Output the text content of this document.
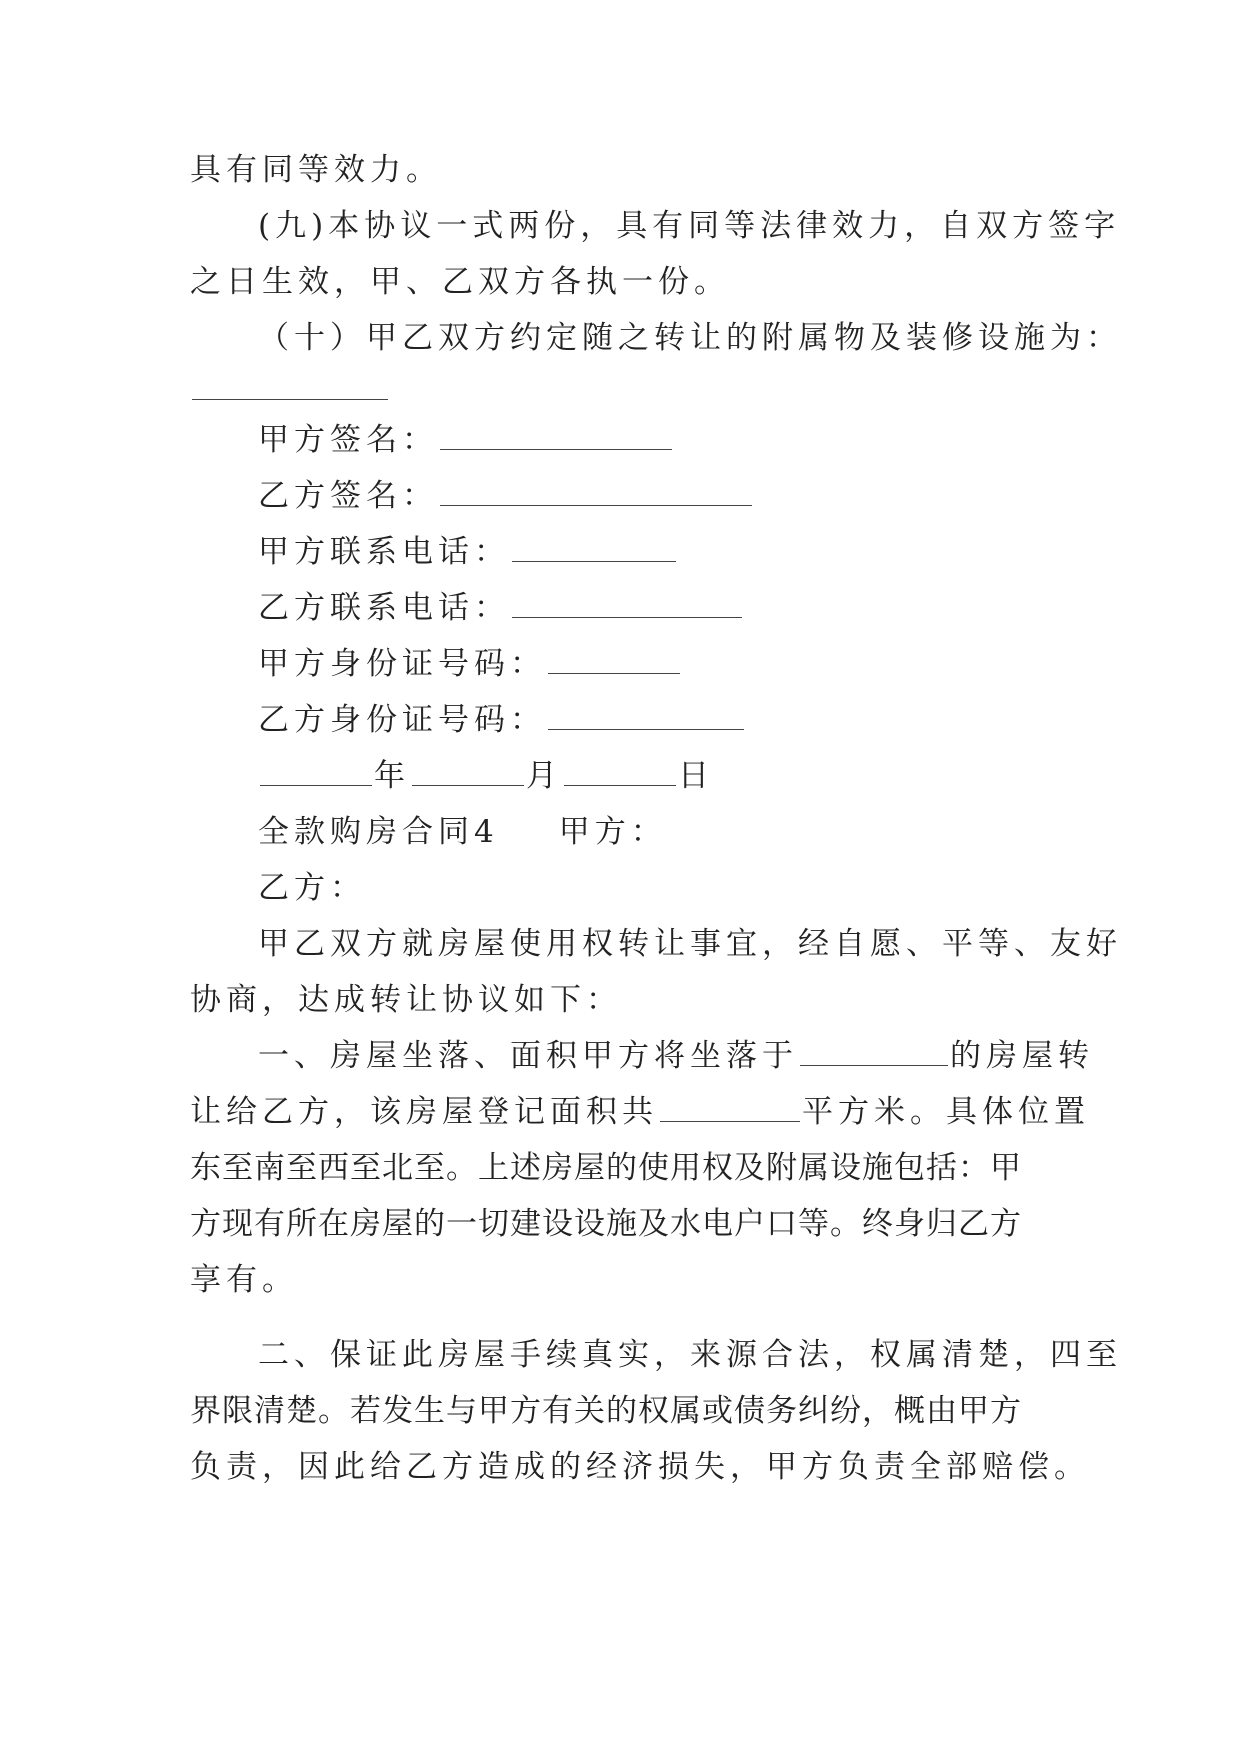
具有同等效力。
(九)本协议一式两份，具有同等法律效力，自双方签字
之日生效，甲、乙双方各执一份。
（十）甲乙双方约定随之转让的附属物及装修设施为：
甲方签名：
乙方签名：
甲方联系电话：
乙方联系电话：
甲方身份证号码：
乙方身份证号码：
年	月	日
全款购房合同4 甲方：
乙方：
甲乙双方就房屋使用权转让事宜，经自愿、平等、友好
协商，达成转让协议如下：
一、房屋坐落、面积甲方将坐落于	的房屋转
让给乙方，该房屋登记面积共	平方米。具体位置
东至南至西至北至。上述房屋的使用权及附属设施包括：甲
方现有所在房屋的一切建设设施及水电户口等。终身归乙方
享有。
二、保证此房屋手续真实，来源合法，权属清楚，四至
界限清楚。若发生与甲方有关的权属或债务纠纷，概由甲方
负责，因此给乙方造成的经济损失，甲方负责全部赔偿。
